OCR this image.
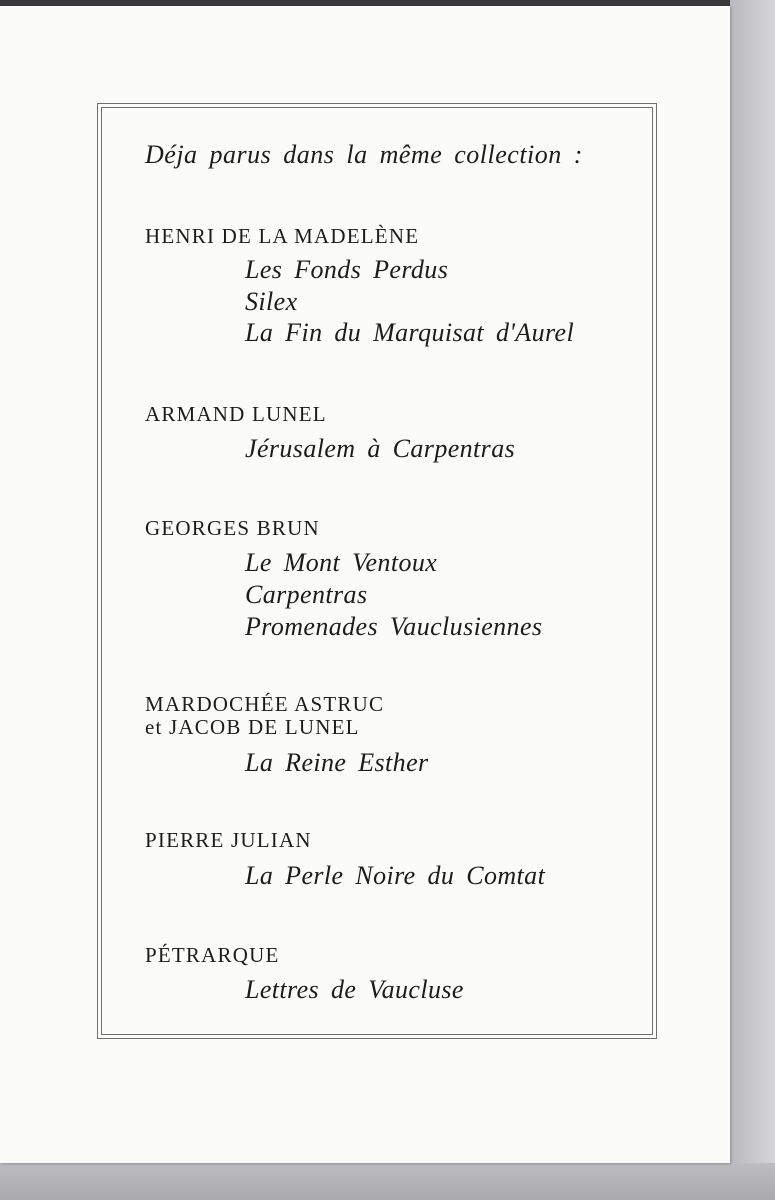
Déja parus dans la même collection :
HENRI DE LA MADELÈNE
Les Fonds Perdus
Silex
La Fin du Marquisat d'Aurel
ARMAND LUNEL
Jérusalem à Carpentras
GEORGES BRUN
Le Mont Ventoux
Carpentras
Promenades Vauclusiennes
MARDOCHÉE ASTRUC
et JACOB DE LUNEL
La Reine Esther
PIERRE JULIAN
La Perle Noire du Comtat
PÉTRARQUE
Lettres de Vaucluse
